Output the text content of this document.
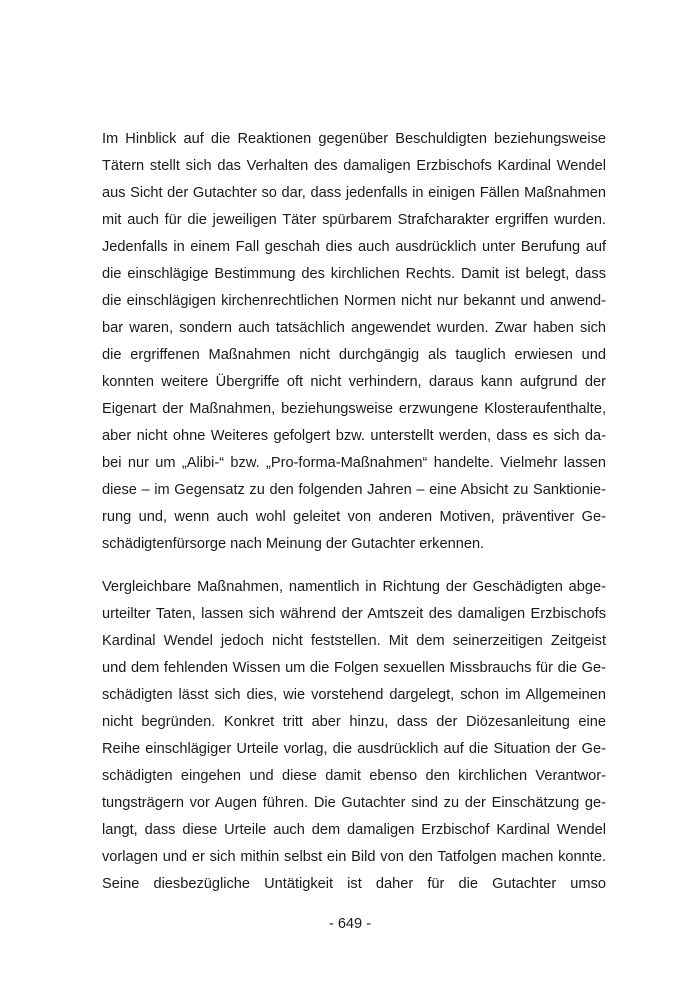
Im Hinblick auf die Reaktionen gegenüber Beschuldigten beziehungsweise
Tätern stellt sich das Verhalten des damaligen Erzbischofs Kardinal Wendel
aus Sicht der Gutachter so dar, dass jedenfalls in einigen Fällen Maßnahmen
mit auch für die jeweiligen Täter spürbarem Strafcharakter ergriffen wurden.
Jedenfalls in einem Fall geschah dies auch ausdrücklich unter Berufung auf
die einschlägige Bestimmung des kirchlichen Rechts. Damit ist belegt, dass
die einschlägigen kirchenrechtlichen Normen nicht nur bekannt und anwend-
bar waren, sondern auch tatsächlich angewendet wurden. Zwar haben sich
die ergriffenen Maßnahmen nicht durchgängig als tauglich erwiesen und
konnten weitere Übergriffe oft nicht verhindern, daraus kann aufgrund der
Eigenart der Maßnahmen, beziehungsweise erzwungene Klosteraufenthalte,
aber nicht ohne Weiteres gefolgert bzw. unterstellt werden, dass es sich da-
bei nur um „Alibi-“ bzw. „Pro-forma-Maßnahmen“ handelte. Vielmehr lassen
diese – im Gegensatz zu den folgenden Jahren – eine Absicht zu Sanktionie-
rung und, wenn auch wohl geleitet von anderen Motiven, präventiver Ge-
schädigtenfürsorge nach Meinung der Gutachter erkennen.
Vergleichbare Maßnahmen, namentlich in Richtung der Geschädigten abge-
urteilter Taten, lassen sich während der Amtszeit des damaligen Erzbischofs
Kardinal Wendel jedoch nicht feststellen. Mit dem seinerzeitigen Zeitgeist
und dem fehlenden Wissen um die Folgen sexuellen Missbrauchs für die Ge-
schädigten lässt sich dies, wie vorstehend dargelegt, schon im Allgemeinen
nicht begründen. Konkret tritt aber hinzu, dass der Diözesanleitung eine
Reihe einschlägiger Urteile vorlag, die ausdrücklich auf die Situation der Ge-
schädigten eingehen und diese damit ebenso den kirchlichen Verantwor-
tungsträgern vor Augen führen. Die Gutachter sind zu der Einschätzung ge-
langt, dass diese Urteile auch dem damaligen Erzbischof Kardinal Wendel
vorlagen und er sich mithin selbst ein Bild von den Tatfolgen machen konnte.
Seine diesbezügliche Untätigkeit ist daher für die Gutachter umso
- 649 -
